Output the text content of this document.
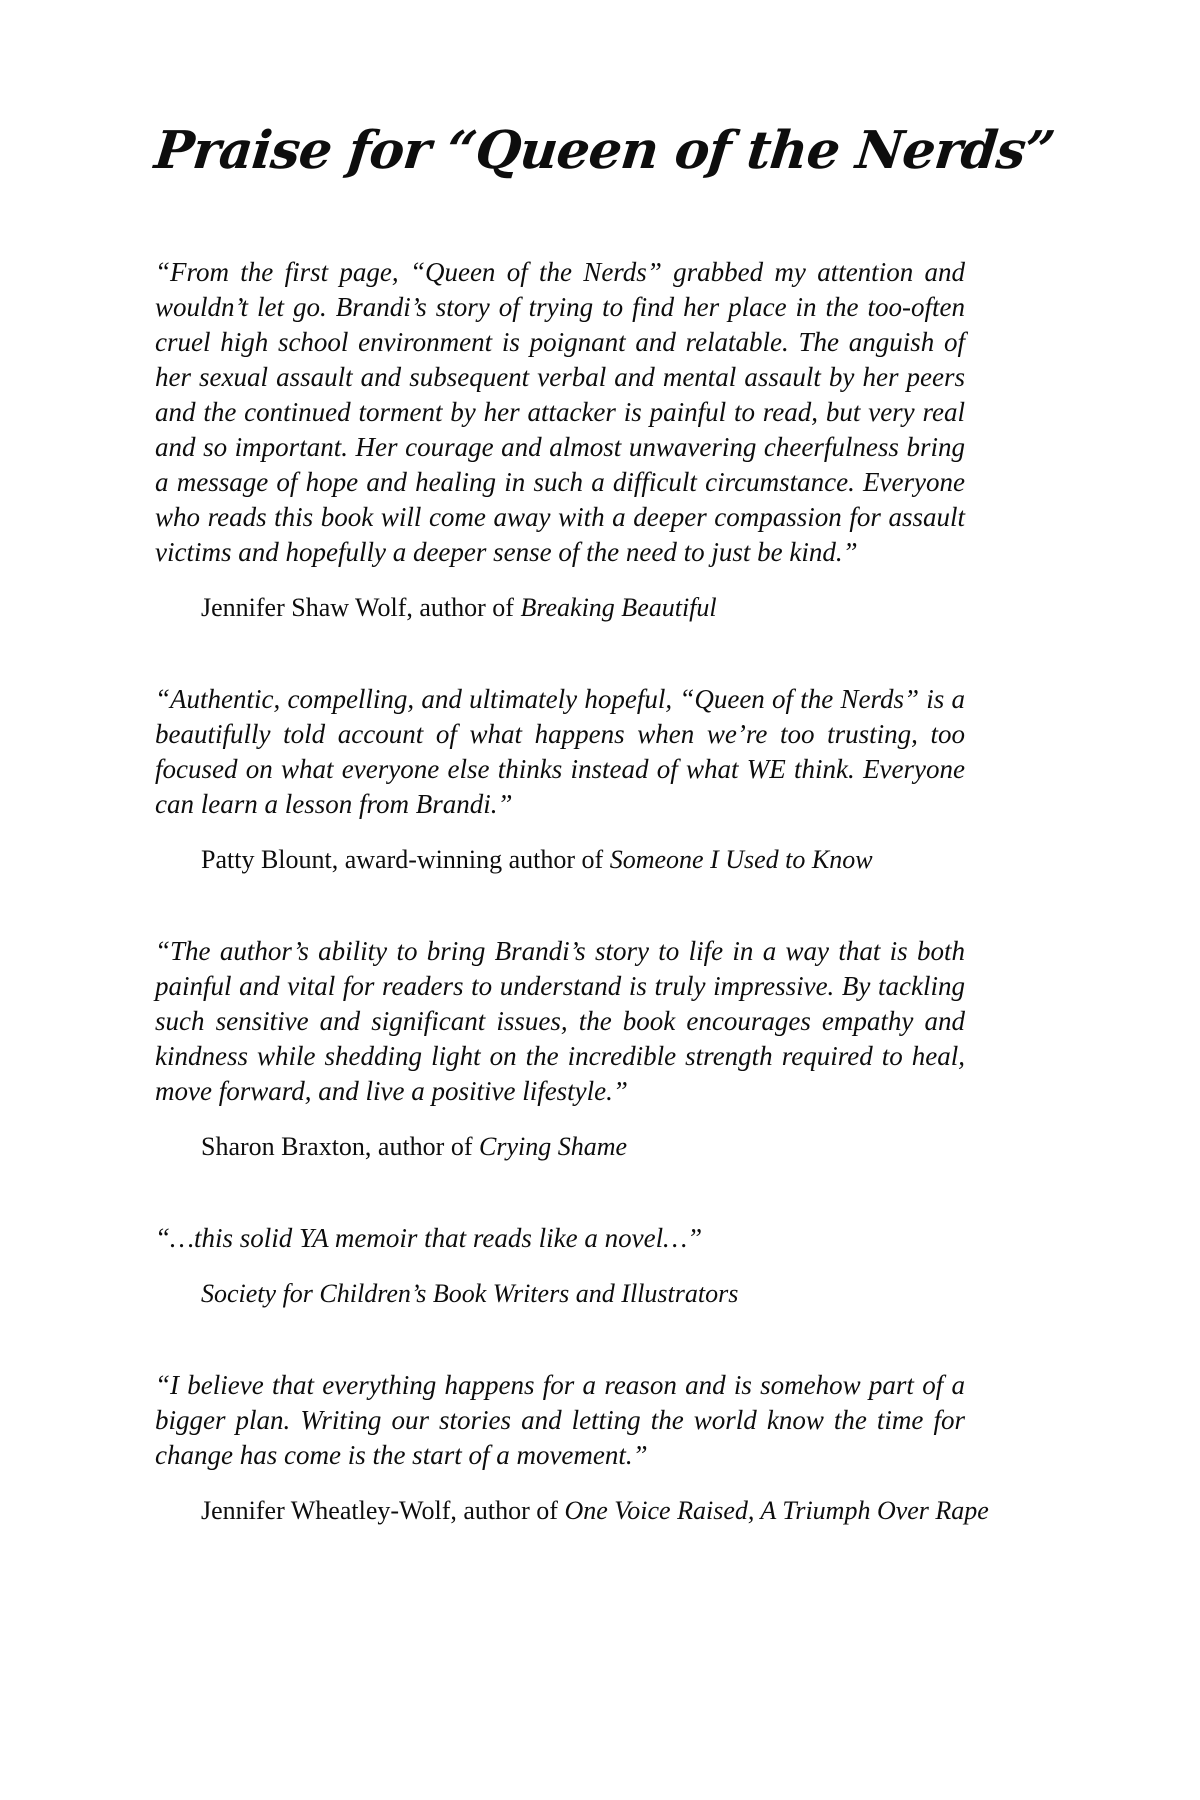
Praise for “Queen of the Nerds”

“From the first page, “Queen of the Nerds” grabbed my attention and wouldn’t let go. Brandi’s story of trying to find her place in the too-often cruel high school environment is poignant and relatable. The anguish of her sexual assault and subsequent verbal and mental assault by her peers and the continued torment by her attacker is painful to read, but very real and so important. Her courage and almost unwavering cheerfulness bring a message of hope and healing in such a difficult circumstance. Everyone who reads this book will come away with a deeper compassion for assault victims and hopefully a deeper sense of the need to just be kind.”

Jennifer Shaw Wolf, author of Breaking Beautiful

“Authentic, compelling, and ultimately hopeful, “Queen of the Nerds” is a beautifully told account of what happens when we’re too trusting, too focused on what everyone else thinks instead of what WE think. Everyone can learn a lesson from Brandi.”

Patty Blount, award-winning author of Someone I Used to Know

“The author’s ability to bring Brandi’s story to life in a way that is both painful and vital for readers to understand is truly impressive. By tackling such sensitive and significant issues, the book encourages empathy and kindness while shedding light on the incredible strength required to heal, move forward, and live a positive lifestyle.”

Sharon Braxton, author of Crying Shame

“…this solid YA memoir that reads like a novel…”

Society for Children’s Book Writers and Illustrators

“I believe that everything happens for a reason and is somehow part of a bigger plan. Writing our stories and letting the world know the time for change has come is the start of a movement.”

Jennifer Wheatley-Wolf, author of One Voice Raised, A Triumph Over Rape
